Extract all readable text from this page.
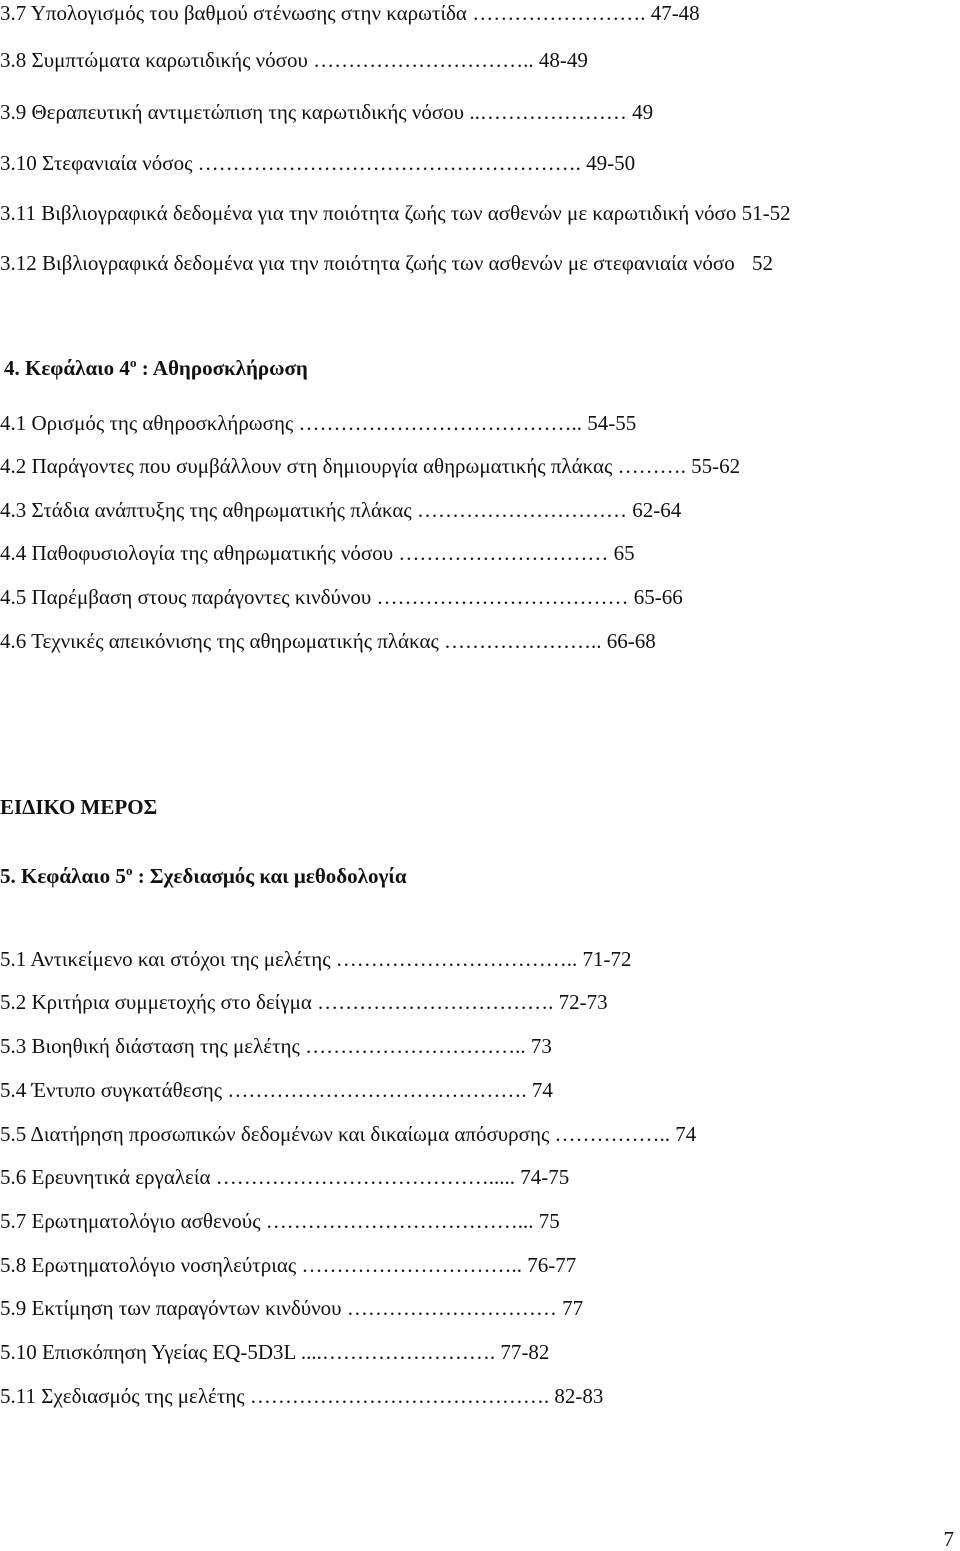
3.7 Υπολογισμός του βαθμού στένωσης στην καρωτίδα ……………………. 47-48
3.8 Συμπτώματα καρωτιδικής νόσου ………………………….. 48-49
3.9 Θεραπευτική αντιμετώπιση της καρωτιδικής νόσου ..………………… 49
3.10 Στεφανιαία νόσος ………………………………………………. 49-50
3.11 Βιβλιογραφικά δεδομένα για την ποιότητα ζωής των ασθενών με καρωτιδική νόσο 51-52
3.12 Βιβλιογραφικά δεδομένα για την ποιότητα ζωής των ασθενών με στεφανιαία νόσο 52
4. Κεφάλαιο $4^o$ : Αθηροσκλήρωση
4.1 Ορισμός της αθηροσκλήρωσης ………………………………….. 54-55
4.2 Παράγοντες που συμβάλλουν στη δημιουργία αθηρωματικής πλάκας ………. 55-62
4.3 Στάδια ανάπτυξης της αθηρωματικής πλάκας ………………………… 62-64
4.4 Παθοφυσιολογία της αθηρωματικής νόσου ………………………… 65
4.5 Παρέμβαση στους παράγοντες κινδύνου ……………………………… 65-66
4.6 Τεχνικές απεικόνισης της αθηρωματικής πλάκας ………………….. 66-68
ΕΙΔΙΚΟ ΜΕΡΟΣ
5. Κεφάλαιο $5^o$ : Σχεδιασμός και μεθοδολογία
5.1 Αντικείμενο και στόχοι της μελέτης …………………………….. 71-72
5.2 Κριτήρια συμμετοχής στο δείγμα ……………………………. 72-73
5.3 Βιοηθική διάσταση της μελέτης ………………………….. 73
5.4 Έντυπο συγκατάθεσης ……………………………………. 74
5.5 Διατήρηση προσωπικών δεδομένων και δικαίωμα απόσυρσης …………….. 74
5.6 Ερευνητικά εργαλεία …………………………………..... 74-75
5.7 Ερωτηματολόγιο ασθενούς ………………………………... 75
5.8 Ερωτηματολόγιο νοσηλεύτριας ………………………….. 76-77
5.9 Εκτίμηση των παραγόντων κινδύνου ………………………… 77
5.10 Επισκόπηση Υγείας EQ-5D3L ....……………………. 77-82
5.11 Σχεδιασμός της μελέτης ……………………………………. 82-83
7
